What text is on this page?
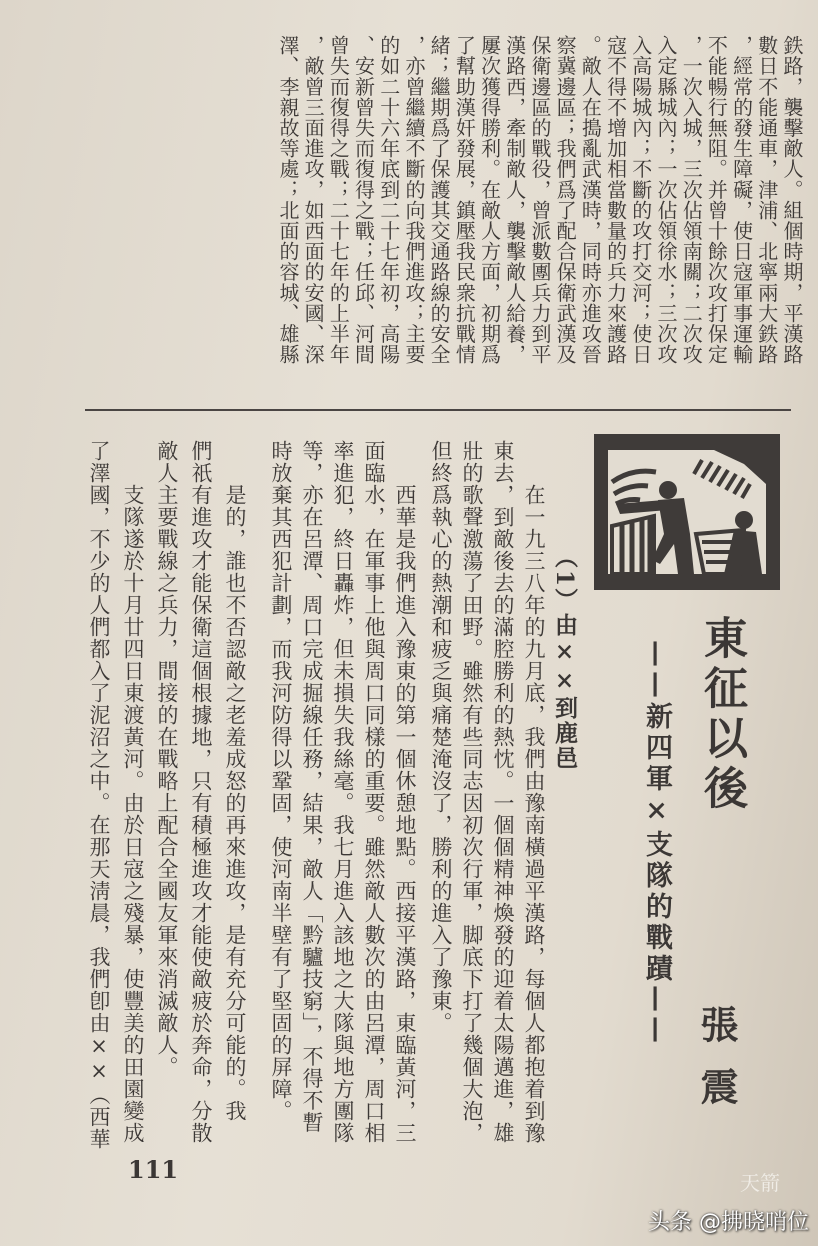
鉄路，襲擊敵人。組個時期，平漢路

數日不能通車，津浦、北寧兩大鉄路

，經常的發生障礙，使日寇軍事運輸

不能暢行無阻。并曾十餘次攻打保定

，一次入城，三次佔領南關；二次攻

入定縣城內；一次佔領徐水；三次攻

入高陽城內；不斷的攻打交河；使日

寇不得不增加相當數量的兵力來護路

。敵人在搗亂武漢時，同時亦進攻晉

察冀邊區；我們爲了配合保衛武漢及

保衛邊區的戰役，曾派數團兵力到平

漢路西，牽制敵人，襲擊敵人給養，

屢次獲得勝利。在敵人方面，初期爲

了幫助漢奸發展，鎮壓我民衆抗戰情

緒；繼期爲了保護其交通路線的安全

，亦曾繼續不斷的向我們進攻；主要

的如二十六年底到二十七年初，高陽

、安新曾失而復得之戰；任邱、河間

曾失而復得之戰；二十七年的上半年

，敵曾三面進攻，如西面的安國、深

澤、李親故等處；北面的容城、雄縣

東征以後
——新四軍×支隊的戰蹟——
張震

（1）由××到鹿邑

在一九三八年的九月底，我們由豫南橫過平漢路，每個人都抱着到豫

東去，到敵後去的滿腔勝利的熱忱。一個個精神煥發的迎着太陽邁進，雄

壯的歌聲激蕩了田野。雖然有些同志因初次行軍，脚底下打了幾個大泡，

但終爲執心的熱潮和疲乏與痛楚淹沒了，勝利的進入了豫東。

西華是我們進入豫東的第一個休憩地點。西接平漢路，東臨黃河，三

面臨水，在軍事上他與周口同樣的重要。雖然敵人數次的由呂潭，周口相

率進犯，終日轟炸，但未損失我絲毫。我七月進入該地之大隊與地方團隊

等，亦在呂潭、周口完成掘線任務，結果，敵人「黔驢技窮」，不得不暫

時放棄其西犯計劃，而我河防得以鞏固，使河南半壁有了堅固的屏障。

是的，誰也不否認敵之老羞成怒的再來進攻，是有充分可能的。我

們祇有進攻才能保衛這個根據地，只有積極進攻才能使敵疲於奔命，分散

敵人主要戰線之兵力，間接的在戰略上配合全國友軍來消滅敵人。

支隊遂於十月廿四日東渡黃河。由於日寇之殘暴，使豐美的田園變成

了澤國，不少的人們都入了泥沼之中。在那天淸晨，我們卽由××（西華

111	天箭
头条 @拂晓哨位
